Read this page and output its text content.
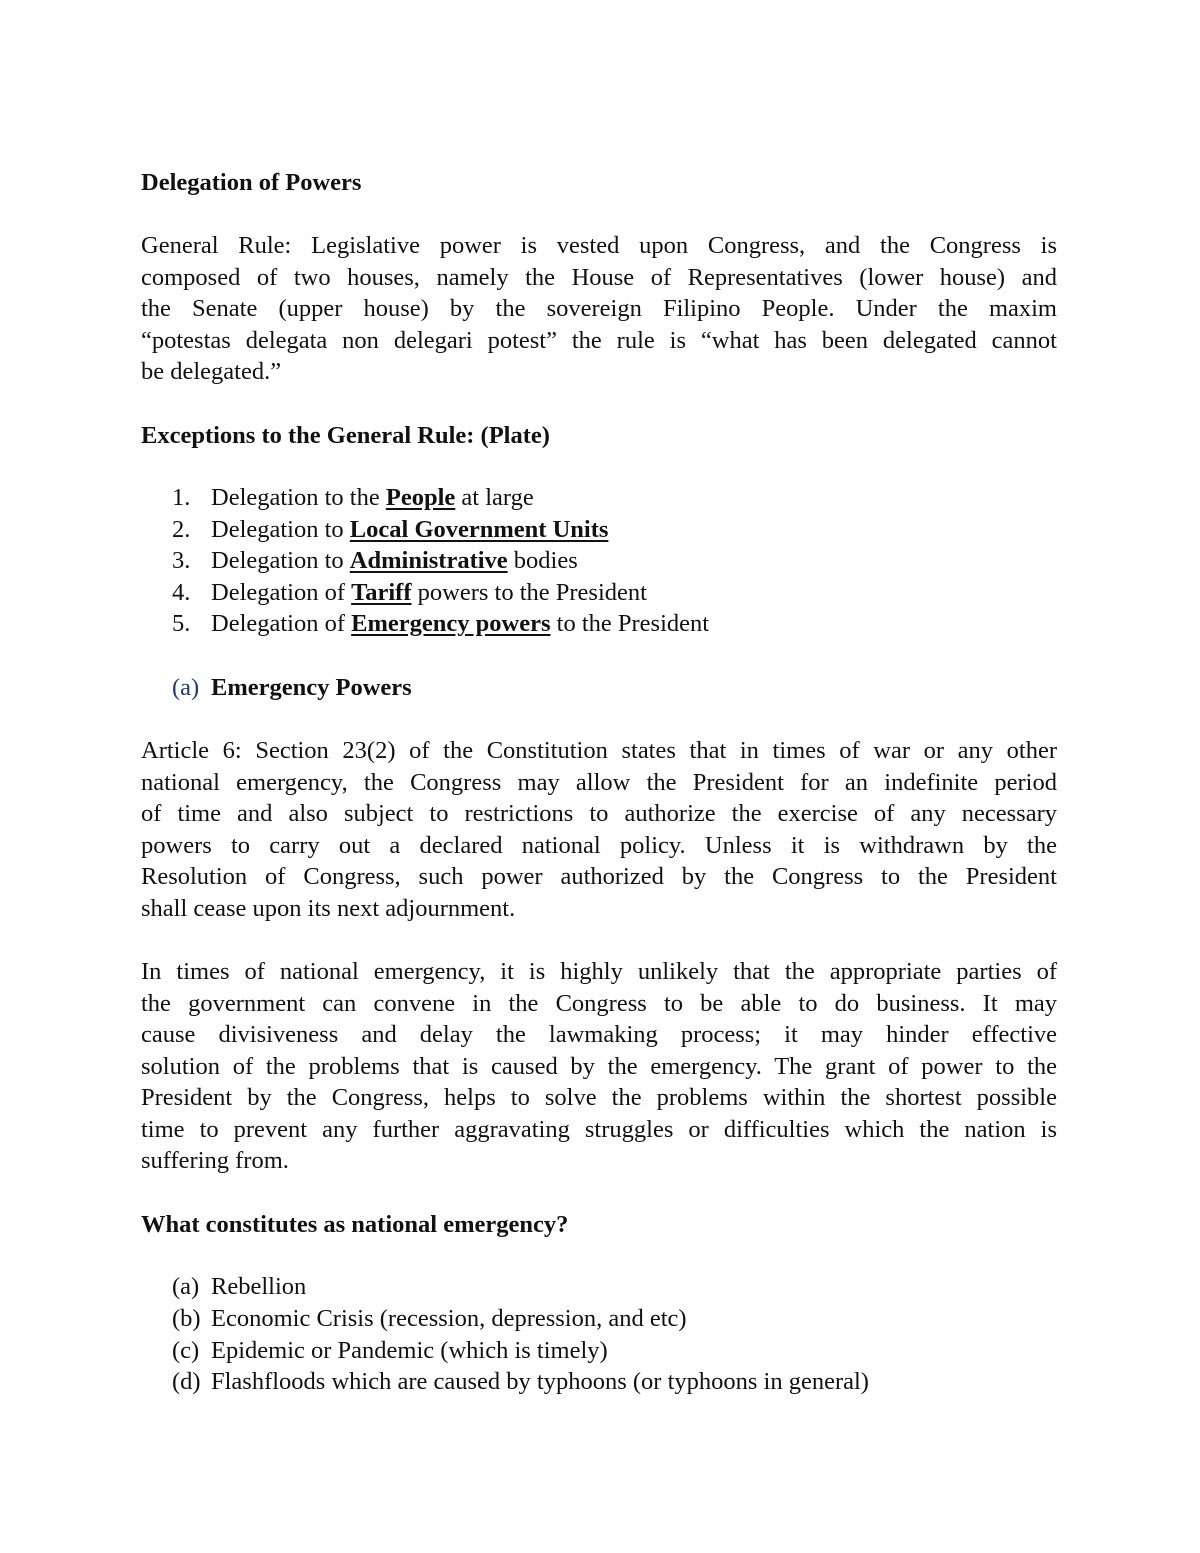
Delegation of Powers
General Rule: Legislative power is vested upon Congress, and the Congress is
composed of two houses, namely the House of Representatives (lower house) and
the Senate (upper house) by the sovereign Filipino People. Under the maxim
“potestas delegata non delegari potest” the rule is “what has been delegated cannot
be delegated.”
Exceptions to the General Rule: (Plate)
1. Delegation to the People at large
2. Delegation to Local Government Units
3. Delegation to Administrative bodies
4. Delegation of Tariff powers to the President
5. Delegation of Emergency powers to the President
(a) Emergency Powers
Article 6: Section 23(2) of the Constitution states that in times of war or any other
national emergency, the Congress may allow the President for an indefinite period
of time and also subject to restrictions to authorize the exercise of any necessary
powers to carry out a declared national policy. Unless it is withdrawn by the
Resolution of Congress, such power authorized by the Congress to the President
shall cease upon its next adjournment.
In times of national emergency, it is highly unlikely that the appropriate parties of
the government can convene in the Congress to be able to do business. It may
cause divisiveness and delay the lawmaking process; it may hinder effective
solution of the problems that is caused by the emergency. The grant of power to the
President by the Congress, helps to solve the problems within the shortest possible
time to prevent any further aggravating struggles or difficulties which the nation is
suffering from.
What constitutes as national emergency?
(a) Rebellion
(b) Economic Crisis (recession, depression, and etc)
(c) Epidemic or Pandemic (which is timely)
(d) Flashfloods which are caused by typhoons (or typhoons in general)
